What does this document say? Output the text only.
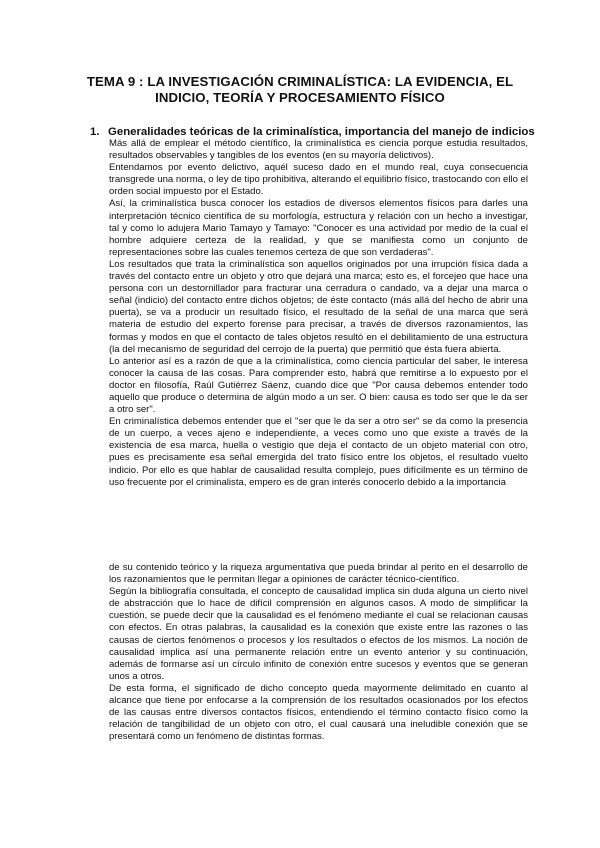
TEMA 9 : LA INVESTIGACIÓN CRIMINALÍSTICA: LA EVIDENCIA, EL
INDICIO, TEORÍA Y PROCESAMIENTO FÍSICO
1. Generalidades teóricas de la criminalística, importancia del manejo de indicios

Más allá de emplear el método científico, la criminalística es ciencia porque estudia resultados, resultados observables y tangibles de los eventos (en su mayoría delictivos).

Entendamos por evento delictivo, aquél suceso dado en el mundo real, cuya consecuencia transgrede una norma, o ley de tipo prohibitiva, alterando el equilibrio físico, trastocando con ello el orden social impuesto por el Estado.

Así, la criminalística busca conocer los estadios de diversos elementos físicos para darles una interpretación técnico científica de su morfología, estructura y relación con un hecho a investigar, tal y como lo adujera Mario Tamayo y Tamayo: "Conocer es una actividad por medio de la cual el hombre adquiere certeza de la realidad, y que se manifiesta como un conjunto de representaciones sobre las cuales tenemos certeza de que son verdaderas".

Los resultados que trata la criminalística son aquellos originados por una irrupción física dada a través del contacto entre un objeto y otro que dejará una marca; esto es, el forcejeo que hace una persona con un destornillador para fracturar una cerradura o candado, va a dejar una marca o señal (indicio) del contacto entre dichos objetos; de éste contacto (más allá del hecho de abrir una puerta), se va a producir un resultado físico, el resultado de la señal de una marca que será materia de estudio del experto forense para precisar, a través de diversos razonamientos, las formas y modos en que el contacto de tales objetos resultó en el debilitamiento de una estructura (la del mecanismo de seguridad del cerrojo de la puerta) que permitió que ésta fuera abierta.

Lo anterior así es a razón de que a la criminalística, como ciencia particular del saber, le interesa conocer la causa de las cosas. Para comprender esto, habrá que remitirse a lo expuesto por el doctor en filosofía, Raúl Gutiérrez Sáenz, cuando dice que "Por causa debemos entender todo aquello que produce o determina de algún modo a un ser. O bien: causa es todo ser que le da ser a otro ser".

En criminalística debemos entender que el "ser que le da ser a otro ser" se da como la presencia de un cuerpo, a veces ajeno e independiente, a veces como uno que existe a través de la existencia de esa marca, huella o vestigio que deja el contacto de un objeto material con otro, pues es precisamente esa señal emergida del trato físico entre los objetos, el resultado vuelto indicio. Por ello es que hablar de causalidad resulta complejo, pues difícilmente es un término de uso frecuente por el criminalista, empero es de gran interés conocerlo debido a la importancia

de su contenido teórico y la riqueza argumentativa que pueda brindar al perito en el desarrollo de los razonamientos que le permitan llegar a opiniones de carácter técnico-científico.

Según la bibliografía consultada, el concepto de causalidad implica sin duda alguna un cierto nivel de abstracción que lo hace de difícil comprensión en algunos casos. A modo de simplificar la cuestión, se puede decir que la causalidad es el fenómeno mediante el cual se relacionan causas con efectos. En otras palabras, la causalidad es la conexión que existe entre las razones o las causas de ciertos fenómenos o procesos y los resultados o efectos de los mismos. La noción de causalidad implica así una permanente relación entre un evento anterior y su continuación, además de formarse así un círculo infinito de conexión entre sucesos y eventos que se generan unos a otros.

De esta forma, el significado de dicho concepto queda mayormente delimitado en cuanto al alcance que tiene por enfocarse a la comprensión de los resultados ocasionados por los efectos de las causas entre diversos contactos físicos, entendiendo el término contacto físico como la relación de tangibilidad de un objeto con otro, el cual causará una ineludible conexión que se presentará como un fenómeno de distintas formas.
